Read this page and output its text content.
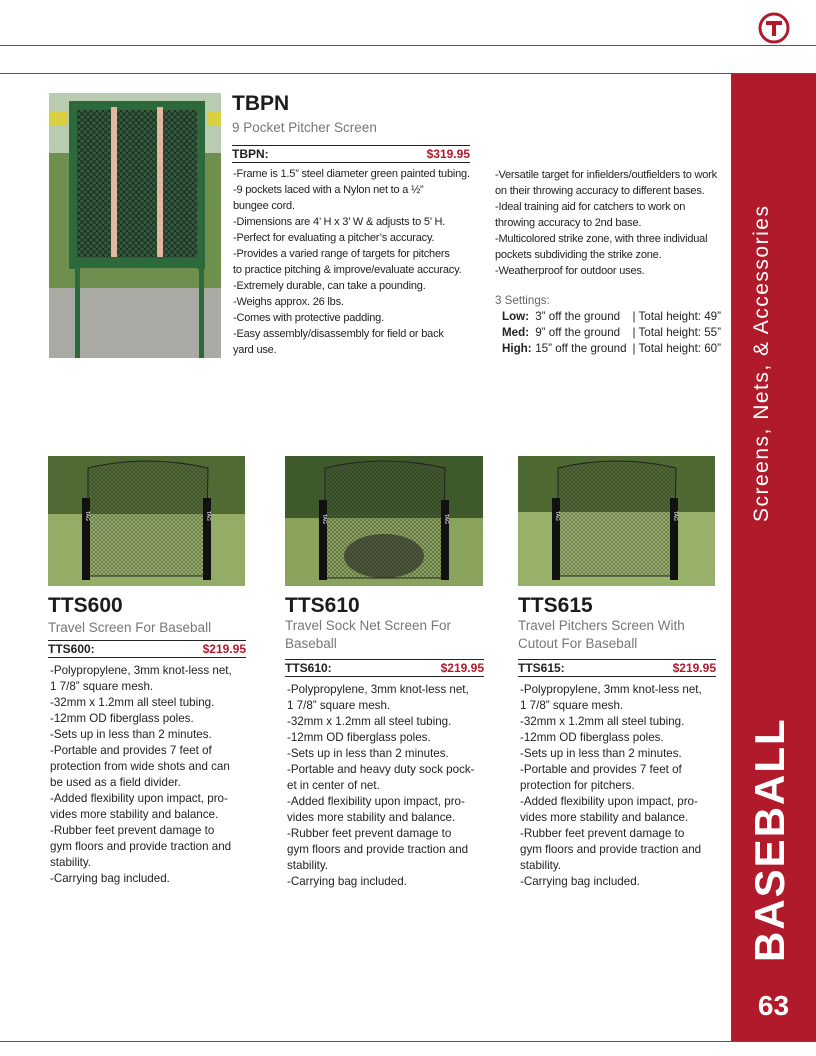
Screens, Nets, & Accessories
BASEBALL
63
TBPN
9 Pocket Pitcher Screen
TBPN:	$319.95
-Frame is 1.5” steel diameter green painted tubing.
-9 pockets laced with a Nylon net to a ½”
bungee cord.
-Dimensions are 4’ H x 3’ W & adjusts to 5’ H.
-Perfect for evaluating a pitcher’s accuracy.
-Provides a varied range of targets for pitchers
to practice pitching & improve/evaluate accuracy.
-Extremely durable, can take a pounding.
-Weighs approx. 26 lbs.
-Comes with protective padding.
-Easy assembly/disassembly for field or back
yard use.
-Versatile target for infielders/outfielders to work
on their throwing accuracy to different bases.
-Ideal training aid for catchers to work on
throwing accuracy to 2nd base.
-Multicolored strike zone, with three individual
pockets subdividing the strike zone.
-Weatherproof for outdoor uses.
3 Settings:
Low: 3” off the ground | Total height: 49”
Med: 9” off the ground | Total height: 55”
High: 15” off the ground | Total height: 60”
TAG	TAG
TTS600
Travel Screen For Baseball
TTS600:	$219.95
-Polypropylene, 3mm knot-less net,
1 7/8” square mesh.
-32mm x 1.2mm all steel tubing.
-12mm OD fiberglass poles.
-Sets up in less than 2 minutes.
-Portable and provides 7 feet of
protection from wide shots and can
be used as a field divider.
-Added flexibility upon impact, pro-
vides more stability and balance.
-Rubber feet prevent damage to
gym floors and provide traction and
stability.
-Carrying bag included.
TAG	TAG
TTS610
Travel Sock Net Screen For Baseball
TTS610:	$219.95
-Polypropylene, 3mm knot-less net,
1 7/8” square mesh.
-32mm x 1.2mm all steel tubing.
-12mm OD fiberglass poles.
-Sets up in less than 2 minutes.
-Portable and heavy duty sock pock-
et in center of net.
-Added flexibility upon impact, pro-
vides more stability and balance.
-Rubber feet prevent damage to
gym floors and provide traction and
stability.
-Carrying bag included.
TAG	TAG
TTS615
Travel Pitchers Screen With Cutout For Baseball
TTS615:	$219.95
-Polypropylene, 3mm knot-less net,
1 7/8” square mesh.
-32mm x 1.2mm all steel tubing.
-12mm OD fiberglass poles.
-Sets up in less than 2 minutes.
-Portable and provides 7 feet of
protection for pitchers.
-Added flexibility upon impact, pro-
vides more stability and balance.
-Rubber feet prevent damage to
gym floors and provide traction and
stability.
-Carrying bag included.
